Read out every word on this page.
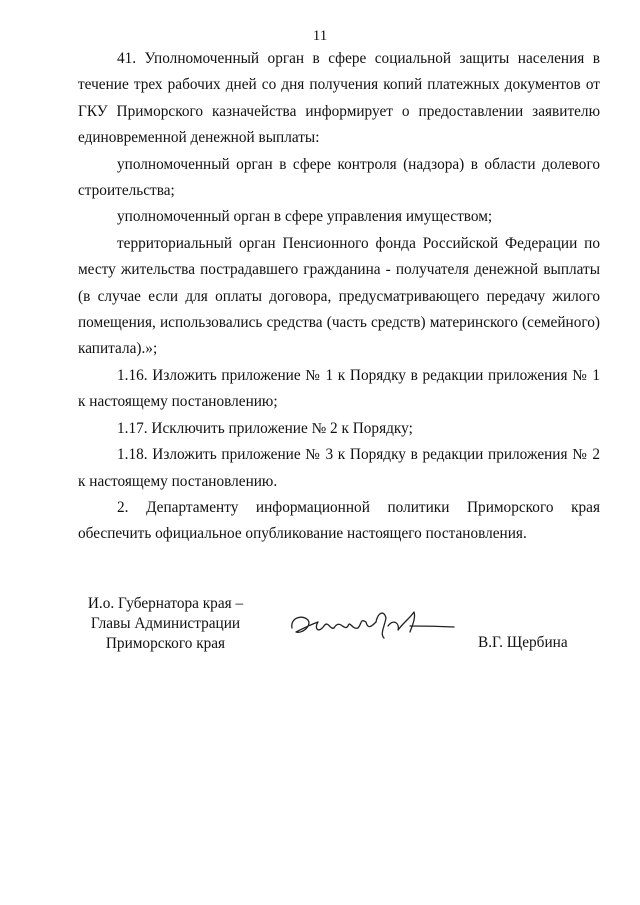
11

41. Уполномоченный орган в сфере социальной защиты населения в течение трех рабочих дней со дня получения копий платежных документов от ГКУ Приморского казначейства информирует о предоставлении заявителю единовременной денежной выплаты:

уполномоченный орган в сфере контроля (надзора) в области долевого строительства;

уполномоченный орган в сфере управления имуществом;

территориальный орган Пенсионного фонда Российской Федерации по месту жительства пострадавшего гражданина - получателя денежной выплаты (в случае если для оплаты договора, предусматривающего передачу жилого помещения, использовались средства (часть средств) материнского (семейного) капитала).»;

1.16. Изложить приложение № 1 к Порядку в редакции приложения № 1 к настоящему постановлению;

1.17. Исключить приложение № 2 к Порядку;

1.18. Изложить приложение № 3 к Порядку в редакции приложения № 2 к настоящему постановлению.

2. Департаменту информационной политики Приморского края обеспечить официальное опубликование настоящего постановления.

И.о. Губернатора края –
Главы Администрации
Приморского края	В.Г. Щербина
